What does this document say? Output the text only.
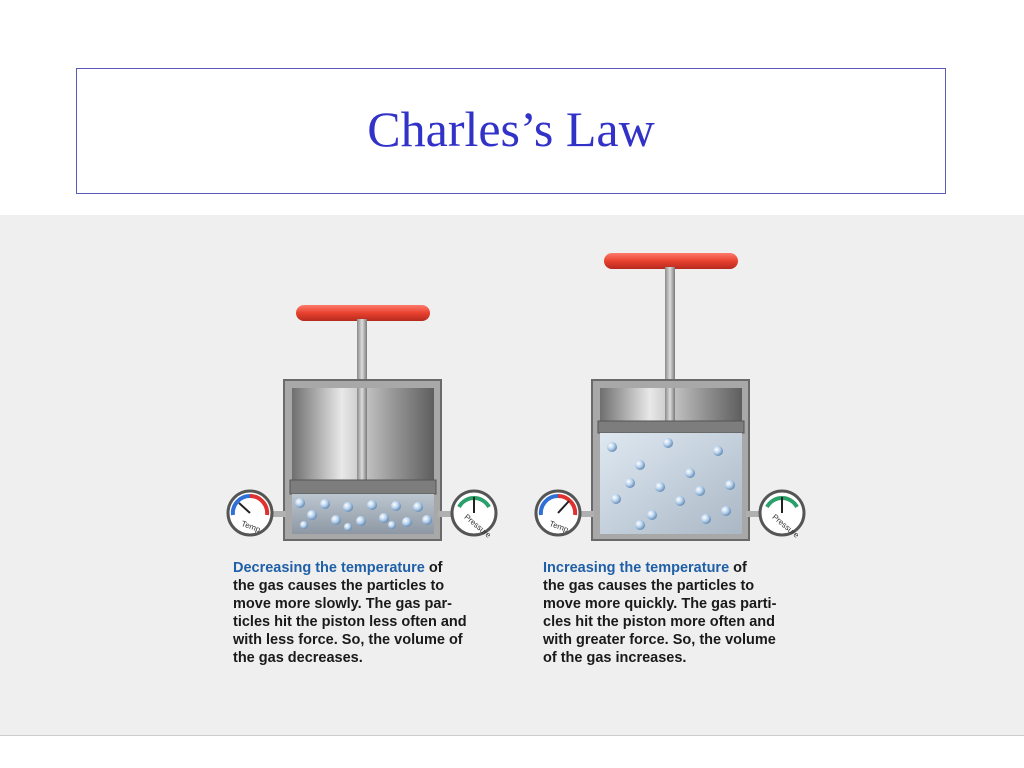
Charles’s Law
Temp	Pressure	Temp	Pressure
Decreasing the temperature of
the gas causes the particles to
move more slowly. The gas par-
ticles hit the piston less often and
with less force. So, the volume of
the gas decreases.
Increasing the temperature of
the gas causes the particles to
move more quickly. The gas parti-
cles hit the piston more often and
with greater force. So, the volume
of the gas increases.
